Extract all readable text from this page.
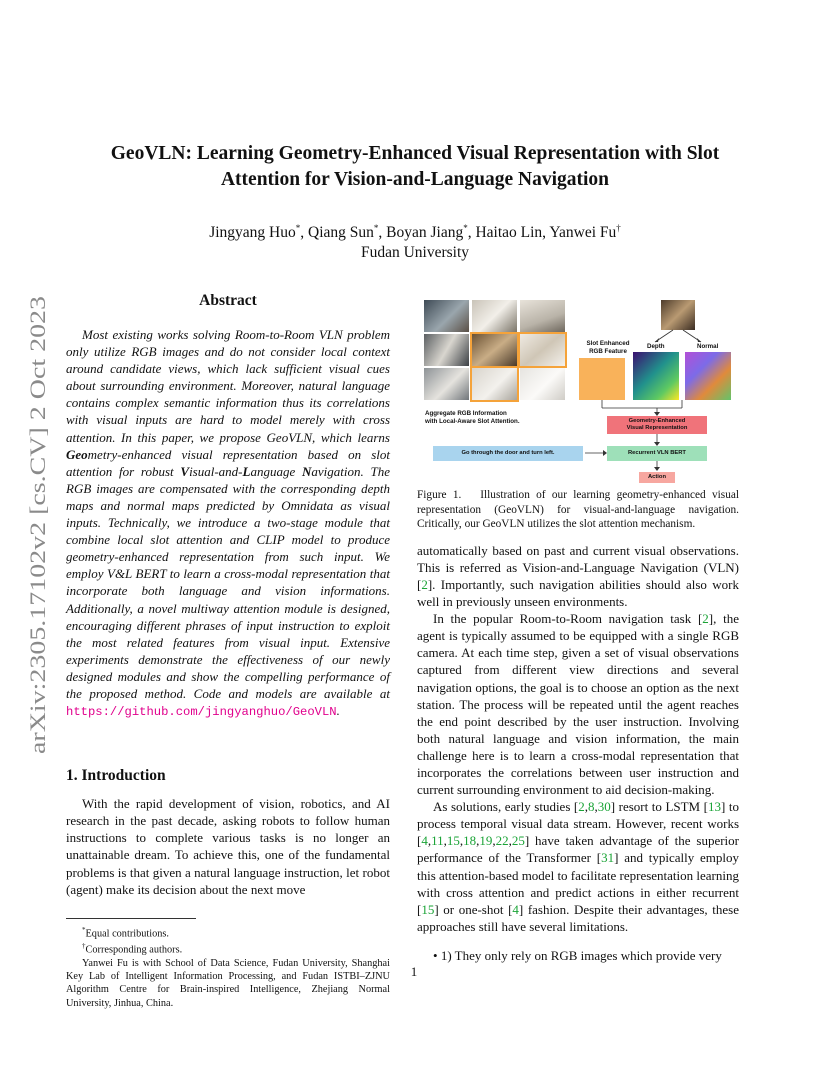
arXiv:2305.17102v2 [cs.CV] 2 Oct 2023
GeoVLN: Learning Geometry-Enhanced Visual Representation with Slot
Attention for Vision-and-Language Navigation
Jingyang Huo*, Qiang Sun*, Boyan Jiang*, Haitao Lin, Yanwei Fu†
Fudan University
Abstract

Most existing works solving Room-to-Room VLN problem only utilize RGB images and do not consider local context around candidate views, which lack sufficient visual cues about surrounding environment. Moreover, natural language contains complex semantic information thus its correlations with visual inputs are hard to model merely with cross attention. In this paper, we propose GeoVLN, which learns Geometry-enhanced visual representation based on slot attention for robust Visual-and-Language Navigation. The RGB images are compensated with the corresponding depth maps and normal maps predicted by Omnidata as visual inputs. Technically, we introduce a two-stage module that combine local slot attention and CLIP model to produce geometry-enhanced representation from such input. We employ V&L BERT to learn a cross-modal representation that incorporate both language and vision informations. Additionally, a novel multiway attention module is designed, encouraging different phrases of input instruction to exploit the most related features from visual input. Extensive experiments demonstrate the effectiveness of our newly designed modules and show the compelling performance of the proposed method. Code and models are available at https://github.com/jingyanghuo/GeoVLN.

1. Introduction

With the rapid development of vision, robotics, and AI research in the past decade, asking robots to follow human instructions to complete various tasks is no longer an unattainable dream. To achieve this, one of the fundamental problems is that given a natural language instruction, let robot (agent) make its decision about the next move

*Equal contributions.

†Corresponding authors.

Yanwei Fu is with School of Data Science, Fudan University, Shanghai Key Lab of Intelligent Information Processing, and Fudan ISTBI–ZJNU Algorithm Centre for Brain-inspired Intelligence, Zhejiang Normal University, Jinhua, China.

Slot Enhanced
RGB Feature
Depth	Normal
Aggregate RGB Information
with Local-Aware Slot Attention.	Geometry-Enhanced
Visual Representation
Go through the door and turn left.	Recurrent VLN BERT
Action

Figure 1. Illustration of our learning geometry-enhanced visual representation (GeoVLN) for visual-and-language navigation. Critically, our GeoVLN utilizes the slot attention mechanism.

automatically based on past and current visual observations. This is referred as Vision-and-Language Navigation (VLN) [2]. Importantly, such navigation abilities should also work well in previously unseen environments.

In the popular Room-to-Room navigation task [2], the agent is typically assumed to be equipped with a single RGB camera. At each time step, given a set of visual observations captured from different view directions and several navigation options, the goal is to choose an option as the next station. The process will be repeated until the agent reaches the end point described by the user instruction. Involving both natural language and vision information, the main challenge here is to learn a cross-modal representation that incorporates the correlations between user instruction and current surrounding environment to aid decision-making.

As solutions, early studies [2,8,30] resort to LSTM [13] to process temporal visual data stream. However, recent works [4,11,15,18,19,22,25] have taken advantage of the superior performance of the Transformer [31] and typically employ this attention-based model to facilitate representation learning with cross attention and predict actions in either recurrent [15] or one-shot [4] fashion. Despite their advantages, these approaches still have several limitations.

• 1) They only rely on RGB images which provide very

1
